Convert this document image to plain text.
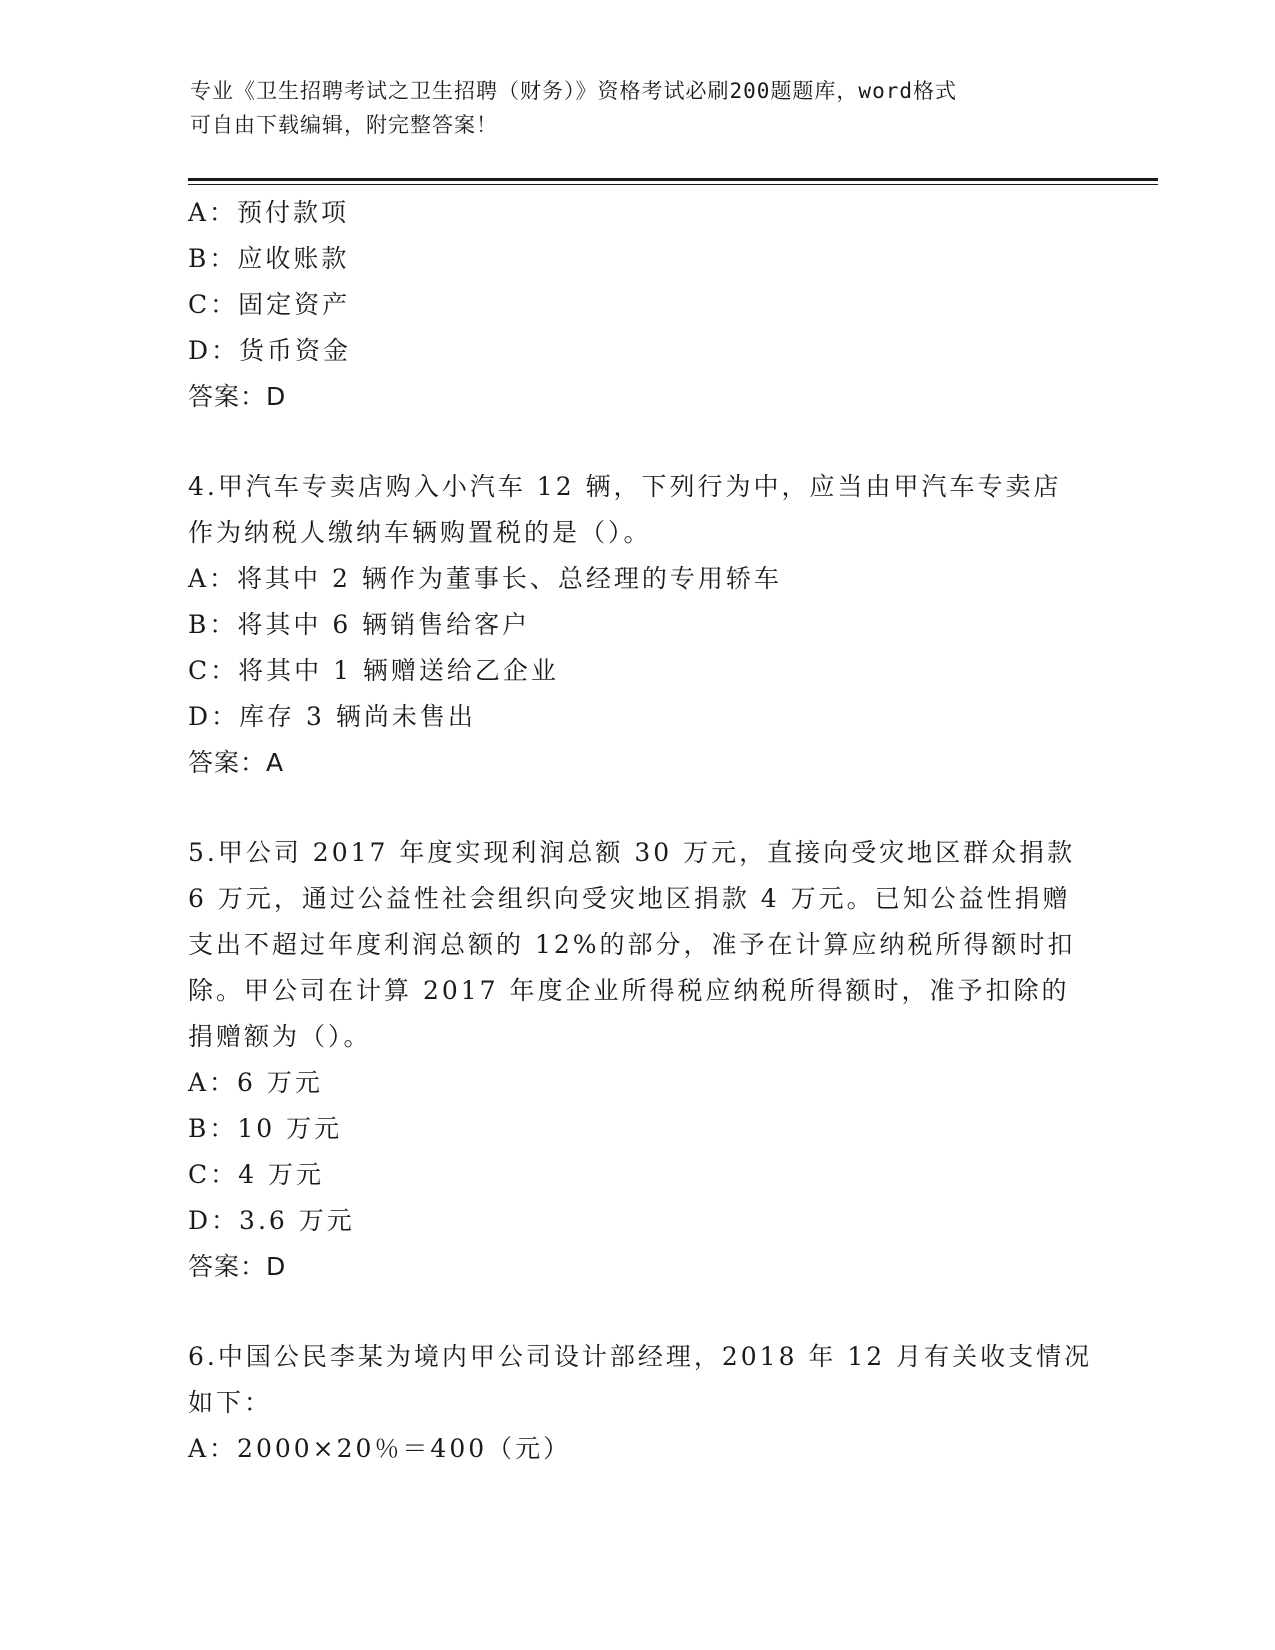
专业《卫生招聘考试之卫生招聘（财务）》资格考试必刷200题题库，word格式
可自由下载编辑，附完整答案！
A：预付款项
B：应收账款
C：固定资产
D：货币资金
答案：D
4.甲汽车专卖店购入小汽车 12 辆，下列行为中，应当由甲汽车专卖店
作为纳税人缴纳车辆购置税的是（）。
A：将其中 2 辆作为董事长、总经理的专用轿车
B：将其中 6 辆销售给客户
C：将其中 1 辆赠送给乙企业
D：库存 3 辆尚未售出
答案：A
5.甲公司 2017 年度实现利润总额 30 万元，直接向受灾地区群众捐款
6 万元，通过公益性社会组织向受灾地区捐款 4 万元。已知公益性捐赠
支出不超过年度利润总额的 12%的部分，准予在计算应纳税所得额时扣
除。甲公司在计算 2017 年度企业所得税应纳税所得额时，准予扣除的
捐赠额为（）。
A：6 万元
B：10 万元
C：4 万元
D：3.6 万元
答案：D
6.中国公民李某为境内甲公司设计部经理，2018 年 12 月有关收支情况
如下：
A：2000×20％＝400（元）
